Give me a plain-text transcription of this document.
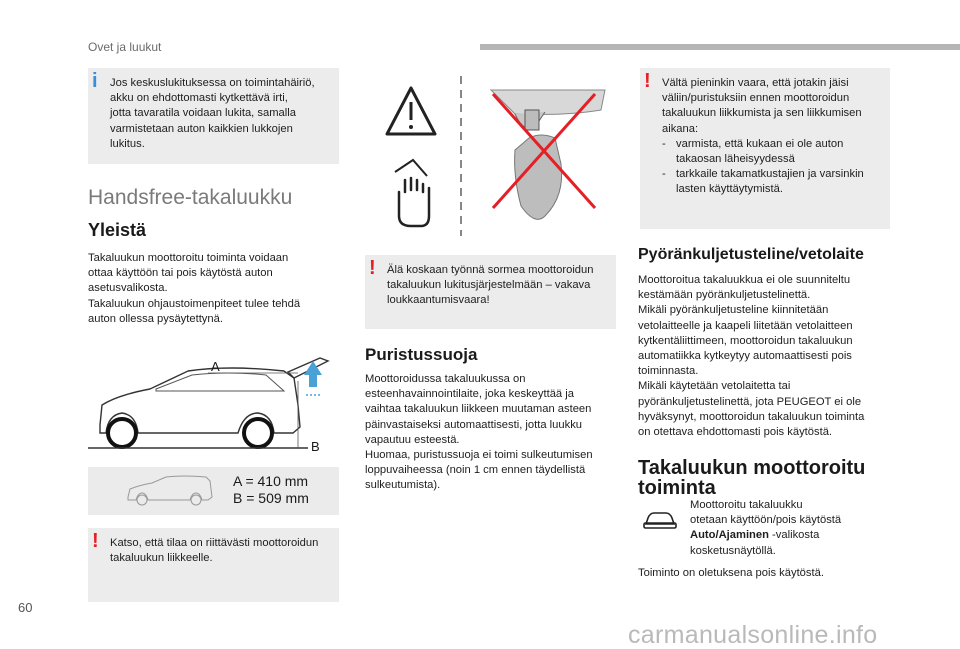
Ovet ja luukut
i Jos keskuslukituksessa on toimintahäiriö,
akku on ehdottomasti kytkettävä irti,
jotta tavaratila voidaan lukita, samalla
varmistetaan auton kaikkien lukkojen
lukitus.
Handsfree-takaluukku
Yleistä
Takaluukun moottoroitu toiminta voidaan
ottaa käyttöön tai pois käytöstä auton
asetusvalikosta.
Takaluukun ohjaustoimenpiteet tulee tehdä
auton ollessa pysäytettynä.
A
B
A = 410 mm
B = 509 mm
! Katso, että tilaa on riittävästi moottoroidun
takaluukun liikkeelle.
! Älä koskaan työnnä sormea moottoroidun
takaluukun lukitusjärjestelmään – vakava
loukkaantumisvaara!
Puristussuoja
Moottoroidussa takaluukussa on
esteenhavainnointilaite, joka keskeyttää ja
vaihtaa takaluukun liikkeen muutaman asteen
päinvastaiseksi automaattisesti, jotta luukku
vapautuu esteestä.
Huomaa, puristussuoja ei toimi sulkeutumisen
loppuvaiheessa (noin 1 cm ennen täydellistä
sulkeutumista).
! Vältä pieninkin vaara, että jotakin jäisi
väliin/puristuksiin ennen moottoroidun
takaluukun liikkumista ja sen liikkumisen
aikana:
- varmista, että kukaan ei ole auton
takaosan läheisyydessä
- tarkkaile takamatkustajien ja varsinkin
lasten käyttäytymistä.
Pyöränkuljetusteline/vetolaite
Moottoroitua takaluukkua ei ole suunniteltu
kestämään pyöränkuljetustelinettä.
Mikäli pyöränkuljetusteline kiinnitetään
vetolaitteelle ja kaapeli liitetään vetolaitteen
kytkentäliittimeen, moottoroidun takaluukun
automatiikka kytkeytyy automaattisesti pois
toiminnasta.
Mikäli käytetään vetolaitetta tai
pyöränkuljetustelinettä, jota PEUGEOT ei ole
hyväksynyt, moottoroidun takaluukun toiminta
on otettava ehdottomasti pois käytöstä.
Takaluukun moottoroitu
toiminta
Moottoroitu takaluukku
otetaan käyttöön/pois käytöstä
Auto/Ajaminen -valikosta
kosketusnäytöllä.
Toiminto on oletuksena pois käytöstä.
60
carmanualsonline.info
